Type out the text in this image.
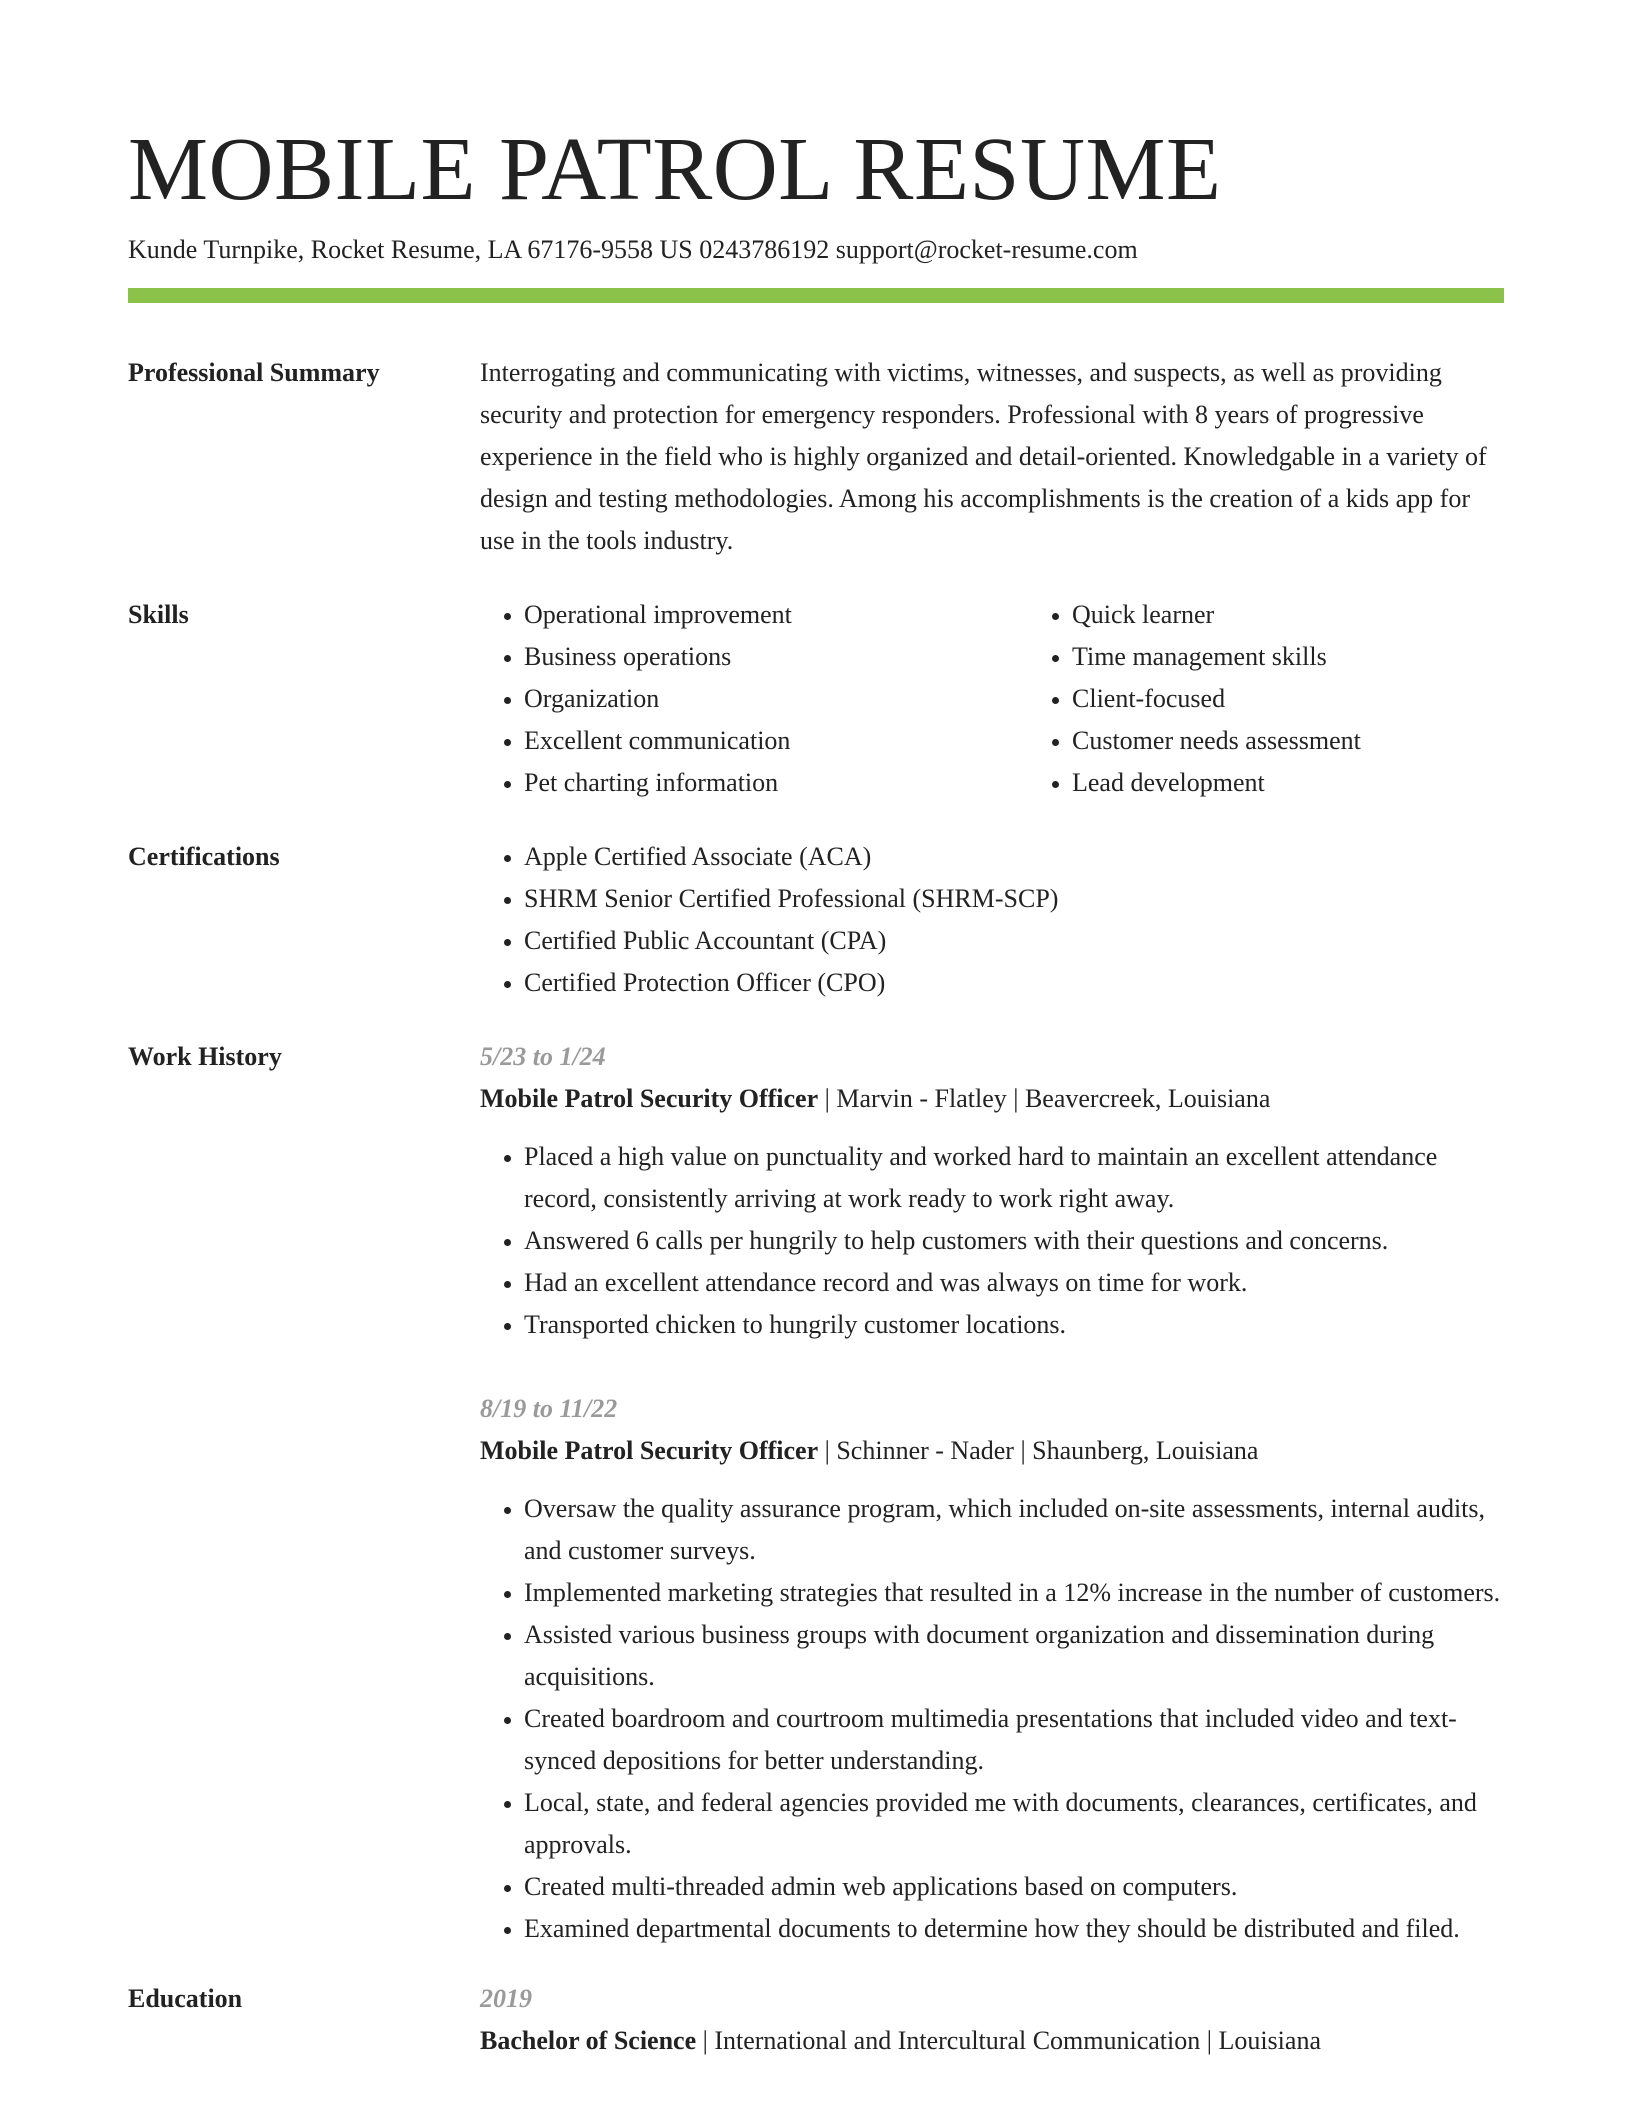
MOBILE PATROL RESUME
Kunde Turnpike, Rocket Resume, LA 67176-9558 US 0243786192 support@rocket-resume.com
Professional Summary	Interrogating and communicating with victims, witnesses, and suspects, as well as providing security and protection for emergency responders. Professional with 8 years of progressive experience in the field who is highly organized and detail-oriented. Knowledgable in a variety of design and testing methodologies. Among his accomplishments is the creation of a kids app for use in the tools industry.

Skills	• Operational improvement
• Business operations
• Organization
• Excellent communication
• Pet charting information
• Quick learner
• Time management skills
• Client-focused
• Customer needs assessment
• Lead development
Certifications	• Apple Certified Associate (ACA)
• SHRM Senior Certified Professional (SHRM-SCP)
• Certified Public Accountant (CPA)
• Certified Protection Officer (CPO)
Work History	5/23 to 1/24
Mobile Patrol Security Officer | Marvin - Flatley | Beavercreek, Louisiana
• Placed a high value on punctuality and worked hard to maintain an excellent attendance record, consistently arriving at work ready to work right away.
• Answered 6 calls per hungrily to help customers with their questions and concerns.
• Had an excellent attendance record and was always on time for work.
• Transported chicken to hungrily customer locations.
8/19 to 11/22
Mobile Patrol Security Officer | Schinner - Nader | Shaunberg, Louisiana
• Oversaw the quality assurance program, which included on-site assessments, internal audits, and customer surveys.
• Implemented marketing strategies that resulted in a 12% increase in the number of customers.
• Assisted various business groups with document organization and dissemination during acquisitions.
• Created boardroom and courtroom multimedia presentations that included video and text-synced depositions for better understanding.
• Local, state, and federal agencies provided me with documents, clearances, certificates, and approvals.
• Created multi-threaded admin web applications based on computers.
• Examined departmental documents to determine how they should be distributed and filed.
Education	2019
Bachelor of Science | International and Intercultural Communication | Louisiana
